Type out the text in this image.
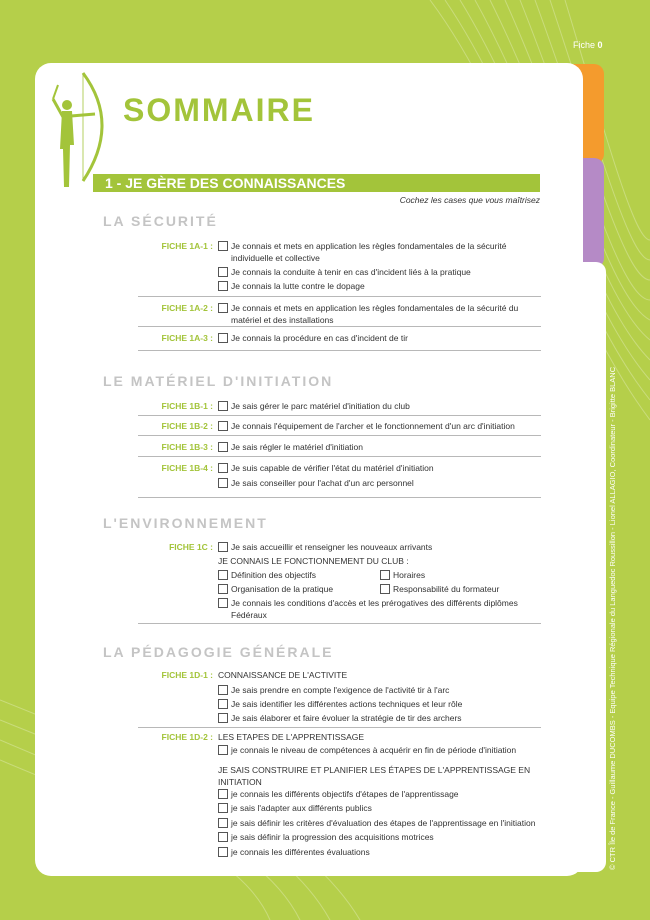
Fiche 0
© CTR Île de France - Guillaume DUCOMBS - Equipe Technique Régionale du Languedoc Roussillon - Lionel ALLAGIO, Coordinateur - Brigitte BLANC
SOMMAIRE
1 - JE GÈRE DES CONNAISSANCES
Cochez les cases que vous maîtrisez
LA SÉCURITÉ
FICHE 1A-1 :	Je connais et mets en application les règles fondamentales de la sécurité individuelle et collective
Je connais la conduite à tenir en cas d'incident liés à la pratique
Je connais la lutte contre le dopage
FICHE 1A-2 :	Je connais et mets en application les règles fondamentales de la sécurité du matériel et des installations
FICHE 1A-3 :	Je connais la procédure en cas d'incident de tir
LE MATÉRIEL D'INITIATION
FICHE 1B-1 :	Je sais gérer le parc matériel d'initiation du club
FICHE 1B-2 :	Je connais l'équipement de l'archer et le fonctionnement d'un arc d'initiation
FICHE 1B-3 :	Je sais régler le matériel d'initiation
FICHE 1B-4 :	Je suis capable de vérifier l'état du matériel d'initiation
Je sais conseiller pour l'achat d'un arc personnel
L'ENVIRONNEMENT
FICHE 1C :	Je sais accueillir et renseigner les nouveaux arrivants
JE CONNAIS LE FONCTIONNEMENT DU CLUB :
Définition des objectifs	Horaires
Organisation de la pratique	Responsabilité du formateur
Je connais les conditions d'accès et les prérogatives des différents diplômes Fédéraux
LA PÉDAGOGIE GÉNÉRALE
FICHE 1D-1 : CONNAISSANCE DE L'ACTIVITE
Je sais prendre en compte l'exigence de l'activité tir à l'arc
Je sais identifier les différentes actions techniques et leur rôle
Je sais élaborer et faire évoluer la stratégie de tir des archers
FICHE 1D-2 : LES ETAPES DE L'APPRENTISSAGE
je connais le niveau de compétences à acquérir en fin de période d'initiation
JE SAIS CONSTRUIRE ET PLANIFIER LES ÉTAPES DE L'APPRENTISSAGE EN INITIATION
je connais les différents objectifs d'étapes de l'apprentissage
je sais l'adapter aux différents publics
je sais définir les critères d'évaluation des étapes de l'apprentissage en l'initiation
je sais définir la progression des acquisitions motrices
je connais les différentes évaluations
